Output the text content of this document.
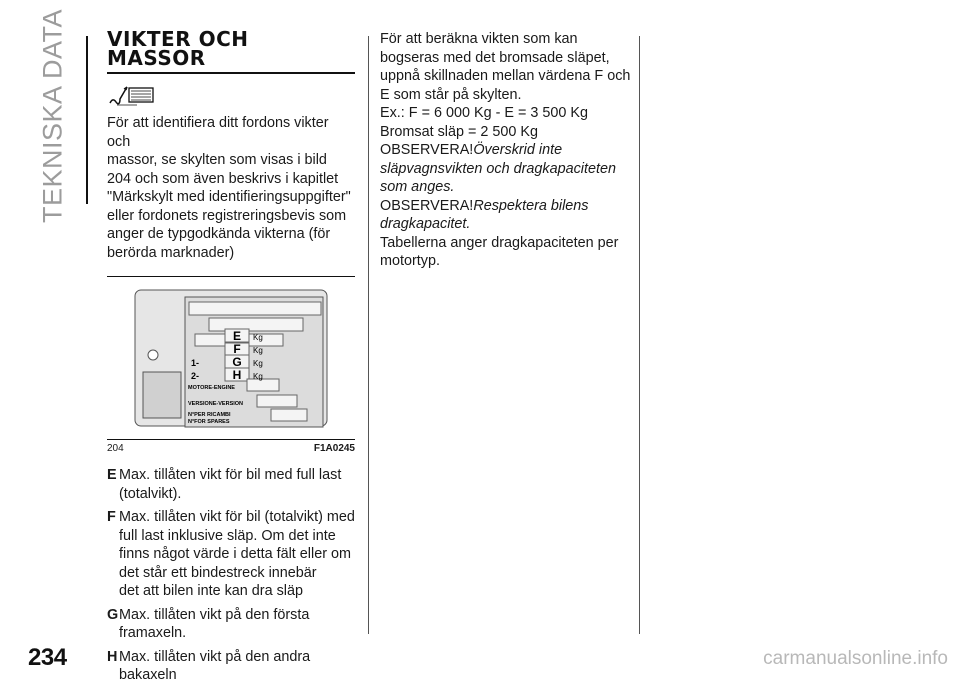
TEKNISKA DATA VIKTER OCH
MASSOR
För att identifiera ditt fordons vikter och
massor, se skylten som visas i bild
204 och som även beskrivs i kapitlet
"Märkskylt med identifieringsuppgifter"
eller fordonets registreringsbevis som
anger de typgodkända vikterna (för
berörda marknader)
E
F
G
H
Kg
Kg
Kg
Kg
1-
2-
MOTORE-ENGINE
VERSIONE-VERSION
N°PER RICAMBI
N°FOR SPARES
204	F1A0245
E Max. tillåten vikt för bil med full last
(totalvikt).
F Max. tillåten vikt för bil (totalvikt) med
full last inklusive släp. Om det inte
finns något värde i detta fält eller om
det står ett bindestreck innebär
det att bilen inte kan dra släp
G Max. tillåten vikt på den första
framaxeln.
H Max. tillåten vikt på den andra
bakaxeln
För att beräkna vikten som kan
bogseras med det bromsade släpet,
uppnå skillnaden mellan värdena F och
E som står på skylten.
Ex.: F = 6 000 Kg - E = 3 500 Kg
Bromsat släp = 2 500 Kg
OBSERVERA!Överskrid inte
släpvagnsvikten och dragkapaciteten
som anges.
OBSERVERA!Respektera bilens
dragkapacitet.
Tabellerna anger dragkapaciteten per
motortyp.
234	carmanualsonline.info
